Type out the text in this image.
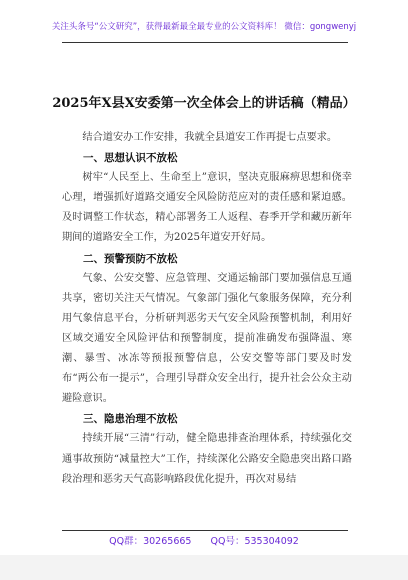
关注头条号“公文研究”，获得最新最全最专业的公文资料库！ 微信：gongwenyj
2025年X县X安委第一次全体会上的讲话稿（精品）

结合道安办工作安排，我就全县道安工作再提七点要求。

一、思想认识不放松

树牢“人民至上、生命至上”意识，坚决克服麻痹思想和侥幸心理，增强抓好道路交通安全风险防范应对的责任感和紧迫感。及时调整工作状态，精心部署务工人返程、春季开学和藏历新年期间的道路安全工作，为2025年道安开好局。

二、预警预防不放松

气象、公安交警、应急管理、交通运输部门要加强信息互通共享，密切关注天气情况。气象部门强化气象服务保障，充分利用气象信息平台，分析研判恶劣天气安全风险预警机制，利用好区域交通安全风险评估和预警制度，提前准确发布强降温、寒潮、暴雪、冰冻等预报预警信息，公安交警等部门要及时发布“两公布一提示”，合理引导群众安全出行，提升社会公众主动避险意识。

三、隐患治理不放松

持续开展“三清”行动，健全隐患排查治理体系，持续强化交通事故预防“减量控大”工作，持续深化公路安全隐患突出路口路段治理和恶劣天气高影响路段优化提升，再次对易结

QQ群：30265665 QQ号：535304092
